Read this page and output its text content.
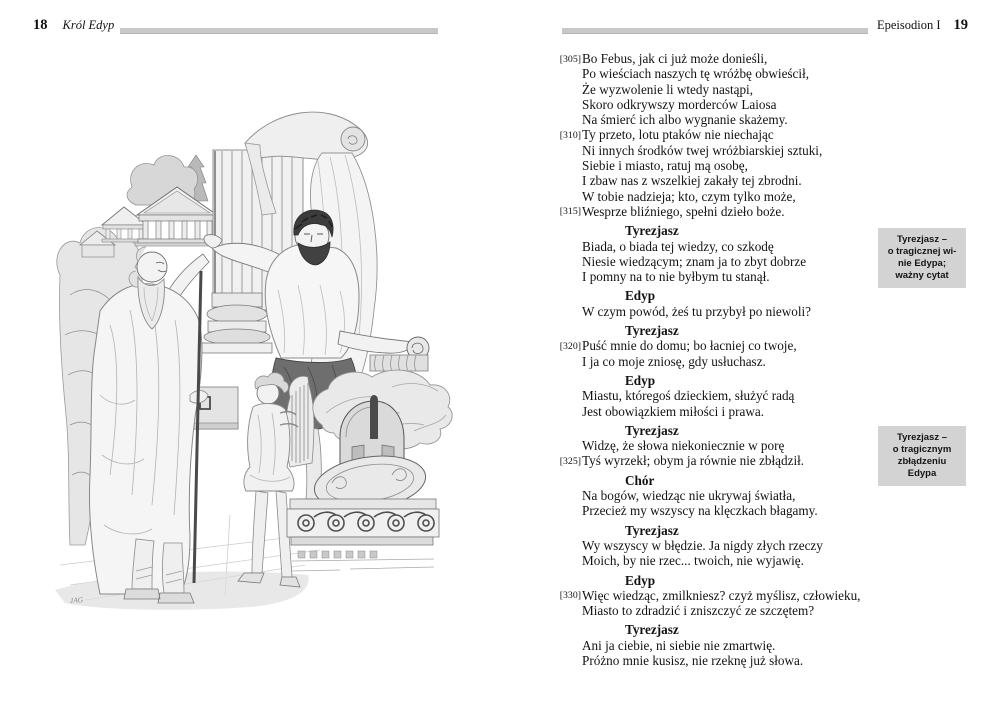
18 Król Edyp	Epeisodion I 19
JAG
[305] Bo Febus, jak ci już może donieśli,
Po wieściach naszych tę wróżbę obwieścił,
Że wyzwolenie li wtedy nastąpi,
Skoro odkrywszy morderców Laiosa
Na śmierć ich albo wygnanie skażemy.
[310] Ty przeto, lotu ptaków nie niechając
Ni innych środków twej wróżbiarskiej sztuki,
Siebie i miasto, ratuj mą osobę,
I zbaw nas z wszelkiej zakały tej zbrodni.
W tobie nadzieja; kto, czym tylko może,
[315] Wesprze bliźniego, spełni dzieło boże.
Tyrezjasz
Biada, o biada tej wiedzy, co szkodę
Niesie wiedzącym; znam ja to zbyt dobrze
I pomny na to nie byłbym tu stanął.
Edyp
W czym powód, żeś tu przybył po niewoli?
Tyrezjasz
[320] Puść mnie do domu; bo łacniej co twoje,
I ja co moje zniosę, gdy usłuchasz.
Edyp
Miastu, któregoś dzieckiem, służyć radą
Jest obowiązkiem miłości i prawa.
Tyrezjasz
Widzę, że słowa niekoniecznie w porę
[325] Tyś wyrzekł; obym ja równie nie zbłądził.
Chór
Na bogów, wiedząc nie ukrywaj światła,
Przecież my wszyscy na klęczkach błagamy.
Tyrezjasz
Wy wszyscy w błędzie. Ja nigdy złych rzeczy
Moich, by nie rzec... twoich, nie wyjawię.
Edyp
[330] Więc wiedząc, zmilkniesz? czyż myślisz, człowieku,
Miasto to zdradzić i zniszczyć ze szczętem?
Tyrezjasz
Ani ja ciebie, ni siebie nie zmartwię.
Próżno mnie kusisz, nie rzeknę już słowa.
Tyrezjasz –
o tragicznej wi-
nie Edypa;
ważny cytat
Tyrezjasz –
o tragicznym
zbłądzeniu
Edypa
